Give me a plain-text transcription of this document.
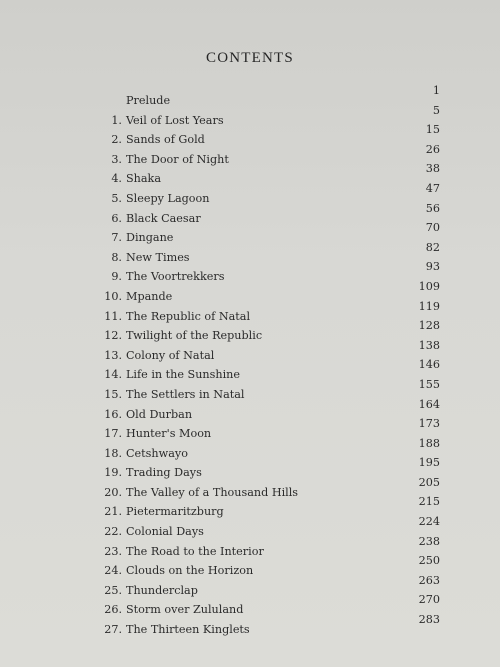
CONTENTS
Prelude
1
1. Veil of Lost Years
5
2. Sands of Gold
15
3. The Door of Night
26
4. Shaka
38
5. Sleepy Lagoon
47
6. Black Caesar
56
7. Dingane
70
8. New Times
82
9. The Voortrekkers
93
10. Mpande
109
11. The Republic of Natal
119
12. Twilight of the Republic
128
13. Colony of Natal
138
14. Life in the Sunshine
146
15. The Settlers in Natal
155
16. Old Durban
164
17. Hunter's Moon
173
18. Cetshwayo
188
19. Trading Days
195
20. The Valley of a Thousand Hills
205
21. Pietermaritzburg
215
22. Colonial Days
224
23. The Road to the Interior
238
24. Clouds on the Horizon
250
25. Thunderclap
263
26. Storm over Zululand
270
27. The Thirteen Kinglets
283
